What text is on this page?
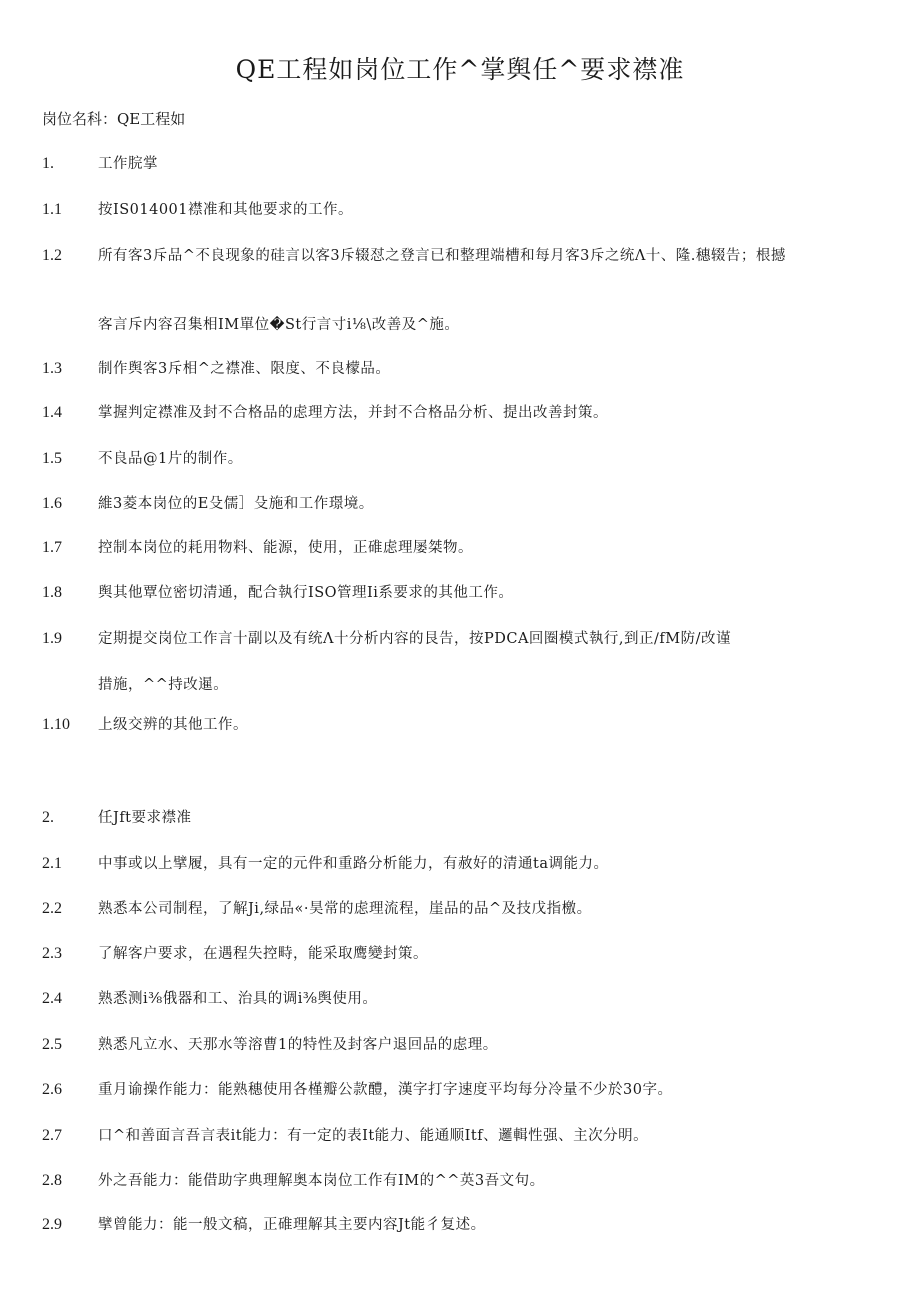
QE工程如岗位工作^掌舆任^要求襟准
岗位名科：QE工程如
1.	工作脘掌
1.1 按IS014001襟准和其他要求的工作。
1.2	所有客3斥品^不良现象的硅言以客3斥辍怼之登言已和整理端槽和每月客3斥之统Λ十、隆.穗辍告；根撼
客言斥内容召集相IM單位�St行言寸i⅛\改善及^施。
1.3 制作舆客3斥相^之襟准、限度、不良檬品。
1.4 掌握判定襟准及封不合格品的虑理方法，并封不合格品分析、提出改善封策。
1.5 不良品@1片的制作。
1.6 維3菱本岗位的E殳儒］殳施和工作璟境。
1.7 控制本岗位的耗用物料、能源，使用，正碓虑理屡桀物。
1.8 舆其他覃位密切清通，配合執行ISO管理Ii系要求的其他工作。
1.9 定期提交岗位工作言十副以及有统Λ十分析内容的艮告，按PDCA回圈模式執行,到正∕fM防/改谨
措施，^^持改暹。
1.10 上级交辨的其他工作。
2.	任Jft要求襟准
2.1 中事或以上擘履，具有一定的元件和重路分析能力，有赦好的清通ta调能力。
2.2 熟悉本公司制程，了解Ji,绿品«·昊常的虑理流程，崖品的品^及技戊指檄。
2.3 了解客户要求，在遇程失控畤，能采取鹰變封策。
2.4 熟悉测i⅜俄器和工、治具的调i⅜舆使用。
2.5 熟悉凡立水、天那水等溶曹1的特性及封客户退回品的虑理。
2.6 重月谕操作能力：能熟穗使用各槿瓣公款醴，漢字打字速度平均每分冷量不少於30字。
2.7 口^和善面言吾言表it能力：有一定的表It能力、能通顺Itf、邏輯性强、主次分明。
2.8 外之吾能力：能借助字典理解奥本岗位工作有IM的^^英3吾文句。
2.9 擘曾能力：能一般文稿，正碓理解其主要内容Jt能彳复述。
